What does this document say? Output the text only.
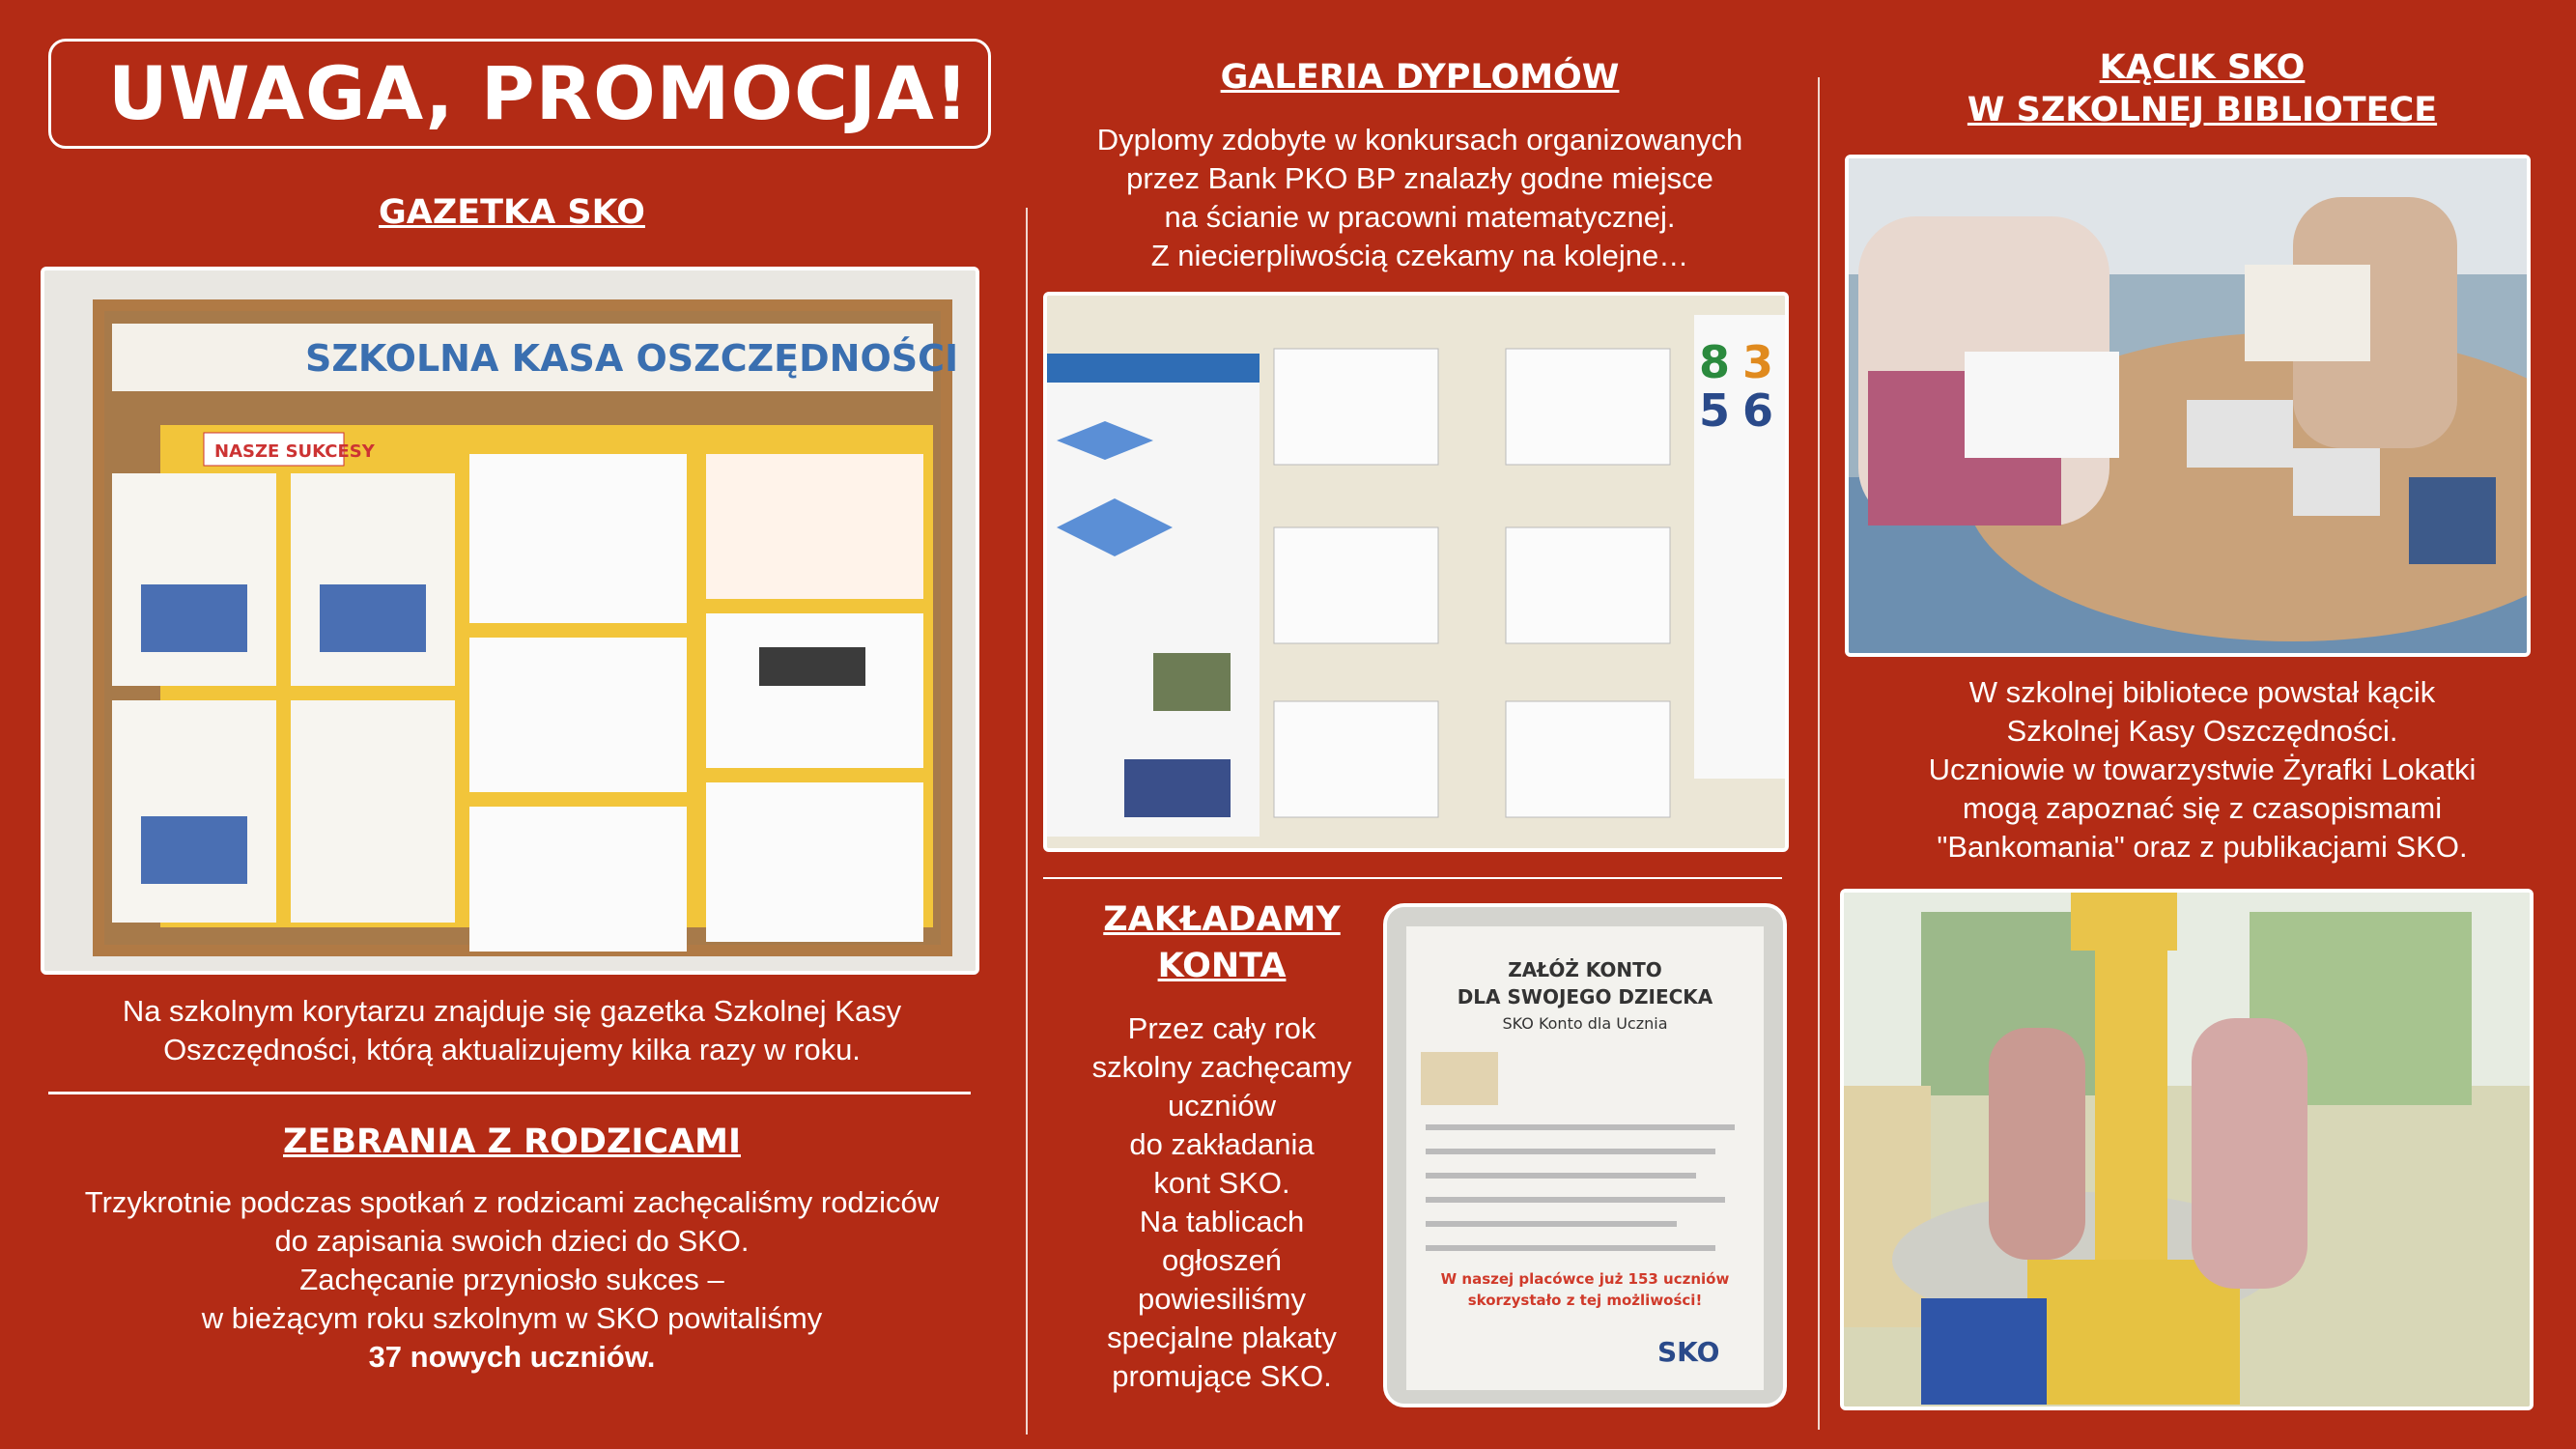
UWAGA, PROMOCJA!
GAZETKA SKO
SZKOLNA KASA OSZCZĘDNOŚCI
NASZE SUKCESY
Na szkolnym korytarzu znajduje się gazetka Szkolnej Kasy
Oszczędności, którą aktualizujemy kilka razy w roku.
ZEBRANIA Z RODZICAMI
Trzykrotnie podczas spotkań z rodzicami zachęcaliśmy rodziców
do zapisania swoich dzieci do SKO.
Zachęcanie przyniosło sukces –
w bieżącym roku szkolnym w SKO powitaliśmy
37 nowych uczniów.
GALERIA DYPLOMÓW
Dyplomy zdobyte w konkursach organizowanych
przez Bank PKO BP znalazły godne miejsce
na ścianie w pracowni matematycznej.
Z niecierpliwością czekamy na kolejne…
8 3
5 6
ZAKŁADAMY
KONTA
Przez cały rok
szkolny zachęcamy
uczniów
do zakładania
kont SKO.
Na tablicach
ogłoszeń
powiesiliśmy
specjalne plakaty
promujące SKO.
ZAŁÓŻ KONTO
DLA SWOJEGO DZIECKA
SKO Konto dla Ucznia
W naszej placówce już 153 uczniów
skorzystało z tej możliwości!
SKO
KĄCIK SKO
W SZKOLNEJ BIBLIOTECE
W szkolnej bibliotece powstał kącik
Szkolnej Kasy Oszczędności.
Uczniowie w towarzystwie Żyrafki Lokatki
mogą zapoznać się z czasopismami
"Bankomania" oraz z publikacjami SKO.
